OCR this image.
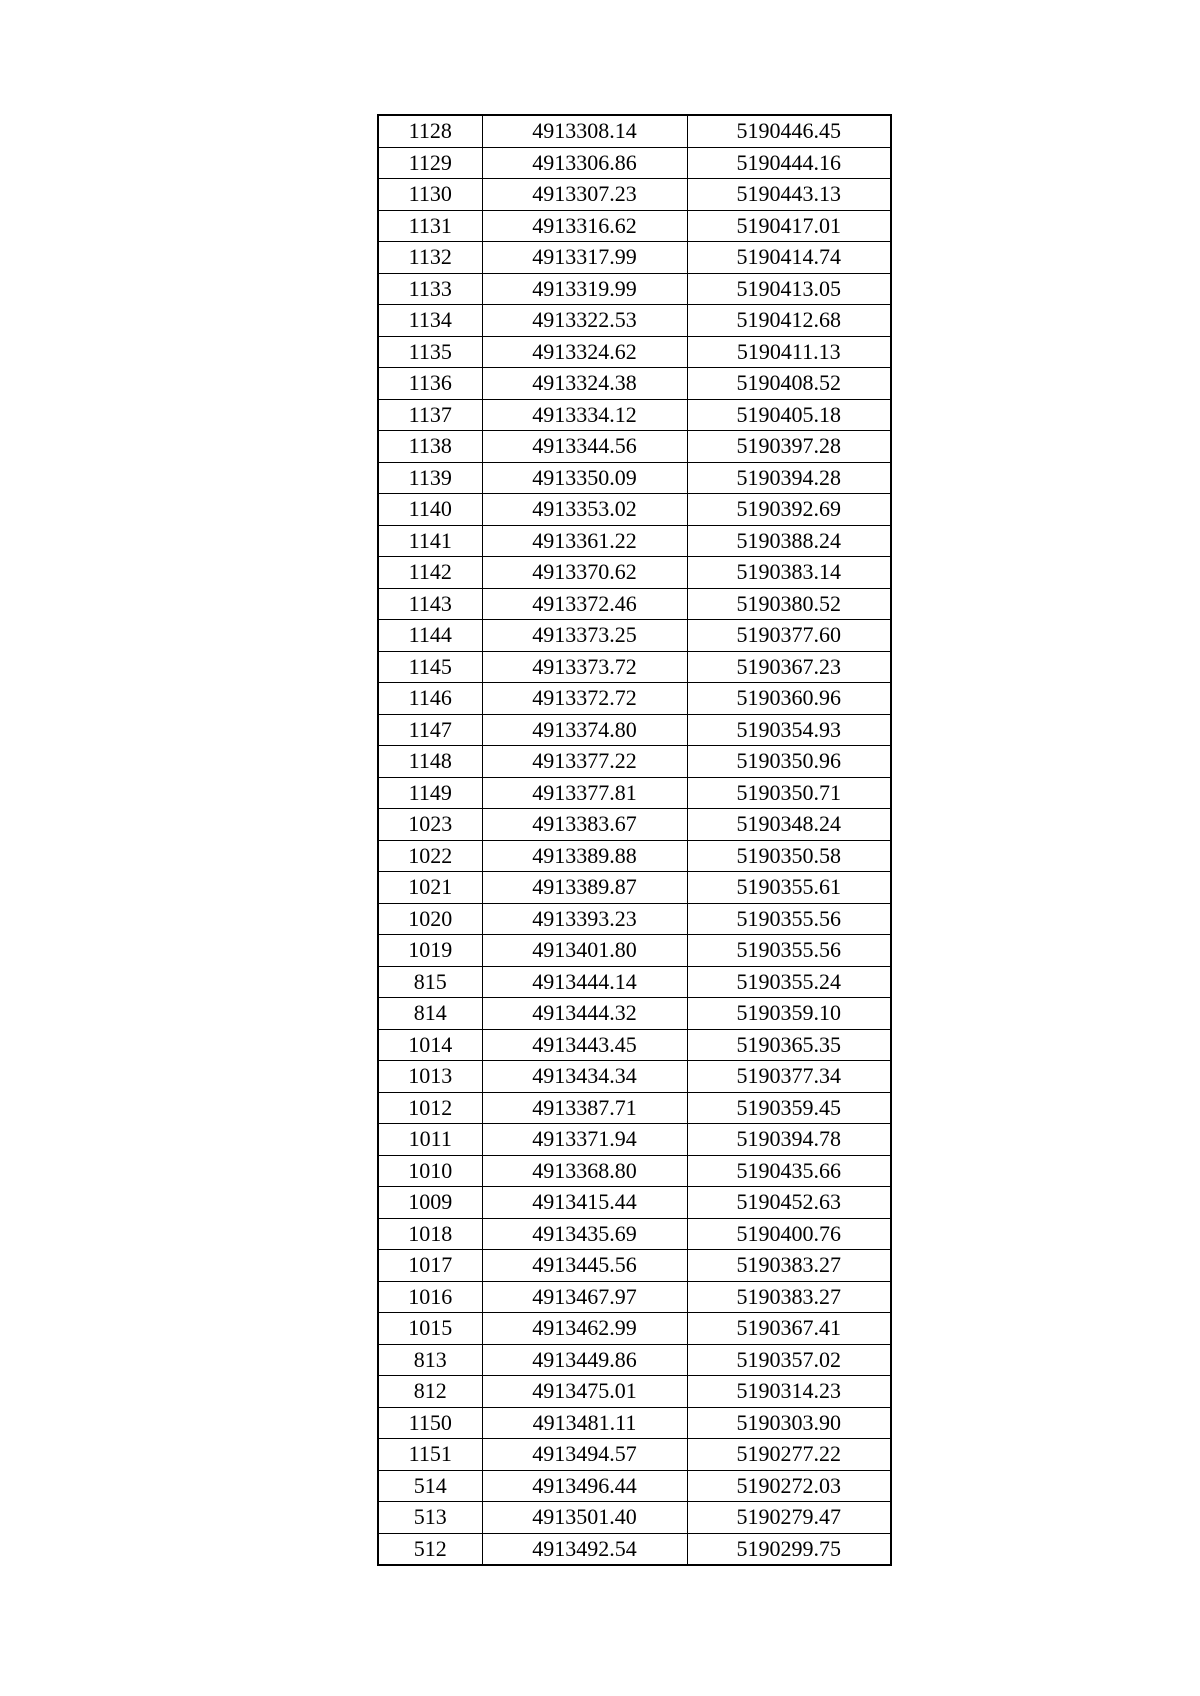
1128	4913308.14	5190446.45
1129	4913306.86	5190444.16
1130	4913307.23	5190443.13
1131	4913316.62	5190417.01
1132	4913317.99	5190414.74
1133	4913319.99	5190413.05
1134	4913322.53	5190412.68
1135	4913324.62	5190411.13
1136	4913324.38	5190408.52
1137	4913334.12	5190405.18
1138	4913344.56	5190397.28
1139	4913350.09	5190394.28
1140	4913353.02	5190392.69
1141	4913361.22	5190388.24
1142	4913370.62	5190383.14
1143	4913372.46	5190380.52
1144	4913373.25	5190377.60
1145	4913373.72	5190367.23
1146	4913372.72	5190360.96
1147	4913374.80	5190354.93
1148	4913377.22	5190350.96
1149	4913377.81	5190350.71
1023	4913383.67	5190348.24
1022	4913389.88	5190350.58
1021	4913389.87	5190355.61
1020	4913393.23	5190355.56
1019	4913401.80	5190355.56
815	4913444.14	5190355.24
814	4913444.32	5190359.10
1014	4913443.45	5190365.35
1013	4913434.34	5190377.34
1012	4913387.71	5190359.45
1011	4913371.94	5190394.78
1010	4913368.80	5190435.66
1009	4913415.44	5190452.63
1018	4913435.69	5190400.76
1017	4913445.56	5190383.27
1016	4913467.97	5190383.27
1015	4913462.99	5190367.41
813	4913449.86	5190357.02
812	4913475.01	5190314.23
1150	4913481.11	5190303.90
1151	4913494.57	5190277.22
514	4913496.44	5190272.03
513	4913501.40	5190279.47
512	4913492.54	5190299.75
